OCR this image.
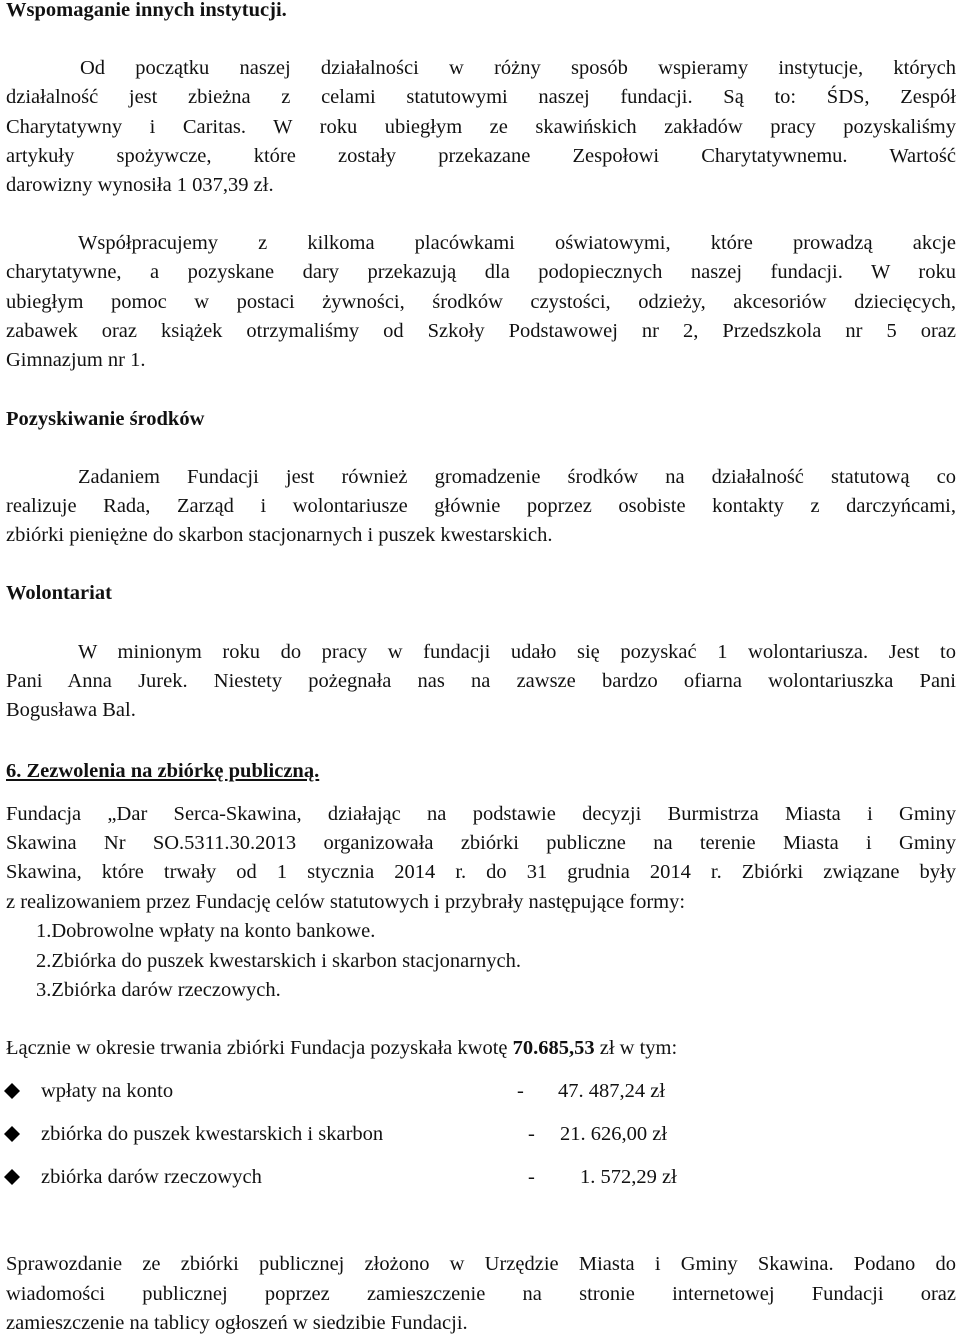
Wspomaganie innych instytucji.
Od początku naszej działalności w różny sposób wspieramy instytucje, których
działalność jest zbieżna z celami statutowymi naszej fundacji. Są to: ŚDS, Zespół
Charytatywny i Caritas. W roku ubiegłym ze skawińskich zakładów pracy pozyskaliśmy
artykuły spożywcze, które zostały przekazane Zespołowi Charytatywnemu. Wartość
darowizny wynosiła 1 037,39 zł.
Współpracujemy z kilkoma placówkami oświatowymi, które prowadzą akcje
charytatywne, a pozyskane dary przekazują dla podopiecznych naszej fundacji. W roku
ubiegłym pomoc w postaci żywności, środków czystości, odzieży, akcesoriów dziecięcych,
zabawek oraz książek otrzymaliśmy od Szkoły Podstawowej nr 2, Przedszkola nr 5 oraz
Gimnazjum nr 1.
Pozyskiwanie środków
Zadaniem Fundacji jest również gromadzenie środków na działalność statutową co
realizuje Rada, Zarząd i wolontariusze głównie poprzez osobiste kontakty z darczyńcami,
zbiórki pieniężne do skarbon stacjonarnych i puszek kwestarskich.
Wolontariat
W minionym roku do pracy w fundacji udało się pozyskać 1 wolontariusza. Jest to
Pani Anna Jurek. Niestety pożegnała nas na zawsze bardzo ofiarna wolontariuszka Pani
Bogusława Bal.
6. Zezwolenia na zbiórkę publiczną.
Fundacja „Dar Serca-Skawina, działając na podstawie decyzji Burmistrza Miasta i Gminy
Skawina Nr SO.5311.30.2013 organizowała zbiórki publiczne na terenie Miasta i Gminy
Skawina, które trwały od 1 stycznia 2014 r. do 31 grudnia 2014 r. Zbiórki związane były
z realizowaniem przez Fundację celów statutowych i przybrały następujące formy:
1.Dobrowolne wpłaty na konto bankowe.
2.Zbiórka do puszek kwestarskich i skarbon stacjonarnych.
3.Zbiórka darów rzeczowych.
Łącznie w okresie trwania zbiórki Fundacja pozyskała kwotę 70.685,53 zł w tym:
wpłaty na konto	- 47. 487,24 zł
zbiórka do puszek kwestarskich i skarbon	- 21. 626,00 zł
zbiórka darów rzeczowych	- 1. 572,29 zł
Sprawozdanie ze zbiórki publicznej złożono w Urzędzie Miasta i Gminy Skawina. Podano do
wiadomości publicznej poprzez zamieszczenie na stronie internetowej Fundacji oraz
zamieszczenie na tablicy ogłoszeń w siedzibie Fundacji.
